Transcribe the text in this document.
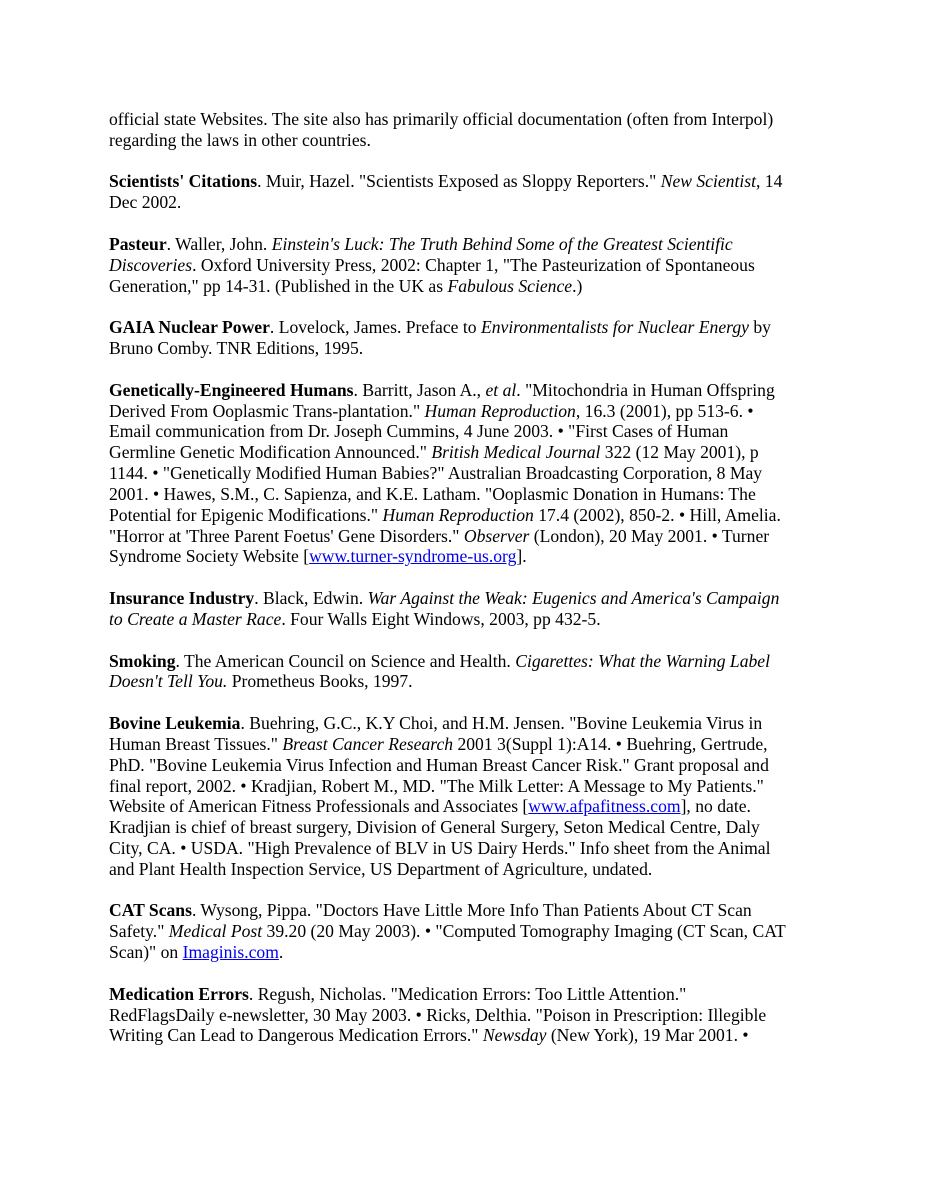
official state Websites. The site also has primarily official documentation (often from Interpol)
regarding the laws in other countries.
Scientists' Citations. Muir, Hazel. "Scientists Exposed as Sloppy Reporters." New Scientist, 14
Dec 2002.
Pasteur. Waller, John. Einstein's Luck: The Truth Behind Some of the Greatest Scientific
Discoveries. Oxford University Press, 2002: Chapter 1, "The Pasteurization of Spontaneous
Generation," pp 14-31. (Published in the UK as Fabulous Science.)
GAIA Nuclear Power. Lovelock, James. Preface to Environmentalists for Nuclear Energy by
Bruno Comby. TNR Editions, 1995.
Genetically-Engineered Humans. Barritt, Jason A., et al. "Mitochondria in Human Offspring
Derived From Ooplasmic Trans-plantation." Human Reproduction, 16.3 (2001), pp 513-6. •
Email communication from Dr. Joseph Cummins, 4 June 2003. • "First Cases of Human
Germline Genetic Modification Announced." British Medical Journal 322 (12 May 2001), p
1144. • "Genetically Modified Human Babies?" Australian Broadcasting Corporation, 8 May
2001. • Hawes, S.M., C. Sapienza, and K.E. Latham. "Ooplasmic Donation in Humans: The
Potential for Epigenic Modifications." Human Reproduction 17.4 (2002), 850-2. • Hill, Amelia.
"Horror at 'Three Parent Foetus' Gene Disorders." Observer (London), 20 May 2001. • Turner
Syndrome Society Website [www.turner-syndrome-us.org].
Insurance Industry. Black, Edwin. War Against the Weak: Eugenics and America's Campaign
to Create a Master Race. Four Walls Eight Windows, 2003, pp 432-5.
Smoking. The American Council on Science and Health. Cigarettes: What the Warning Label
Doesn't Tell You. Prometheus Books, 1997.
Bovine Leukemia. Buehring, G.C., K.Y Choi, and H.M. Jensen. "Bovine Leukemia Virus in
Human Breast Tissues." Breast Cancer Research 2001 3(Suppl 1):A14. • Buehring, Gertrude,
PhD. "Bovine Leukemia Virus Infection and Human Breast Cancer Risk." Grant proposal and
final report, 2002. • Kradjian, Robert M., MD. "The Milk Letter: A Message to My Patients."
Website of American Fitness Professionals and Associates [www.afpafitness.com], no date.
Kradjian is chief of breast surgery, Division of General Surgery, Seton Medical Centre, Daly
City, CA. • USDA. "High Prevalence of BLV in US Dairy Herds." Info sheet from the Animal
and Plant Health Inspection Service, US Department of Agriculture, undated.
CAT Scans. Wysong, Pippa. "Doctors Have Little More Info Than Patients About CT Scan
Safety." Medical Post 39.20 (20 May 2003). • "Computed Tomography Imaging (CT Scan, CAT
Scan)" on Imaginis.com.
Medication Errors. Regush, Nicholas. "Medication Errors: Too Little Attention."
RedFlagsDaily e-newsletter, 30 May 2003. • Ricks, Delthia. "Poison in Prescription: Illegible
Writing Can Lead to Dangerous Medication Errors." Newsday (New York), 19 Mar 2001. •
